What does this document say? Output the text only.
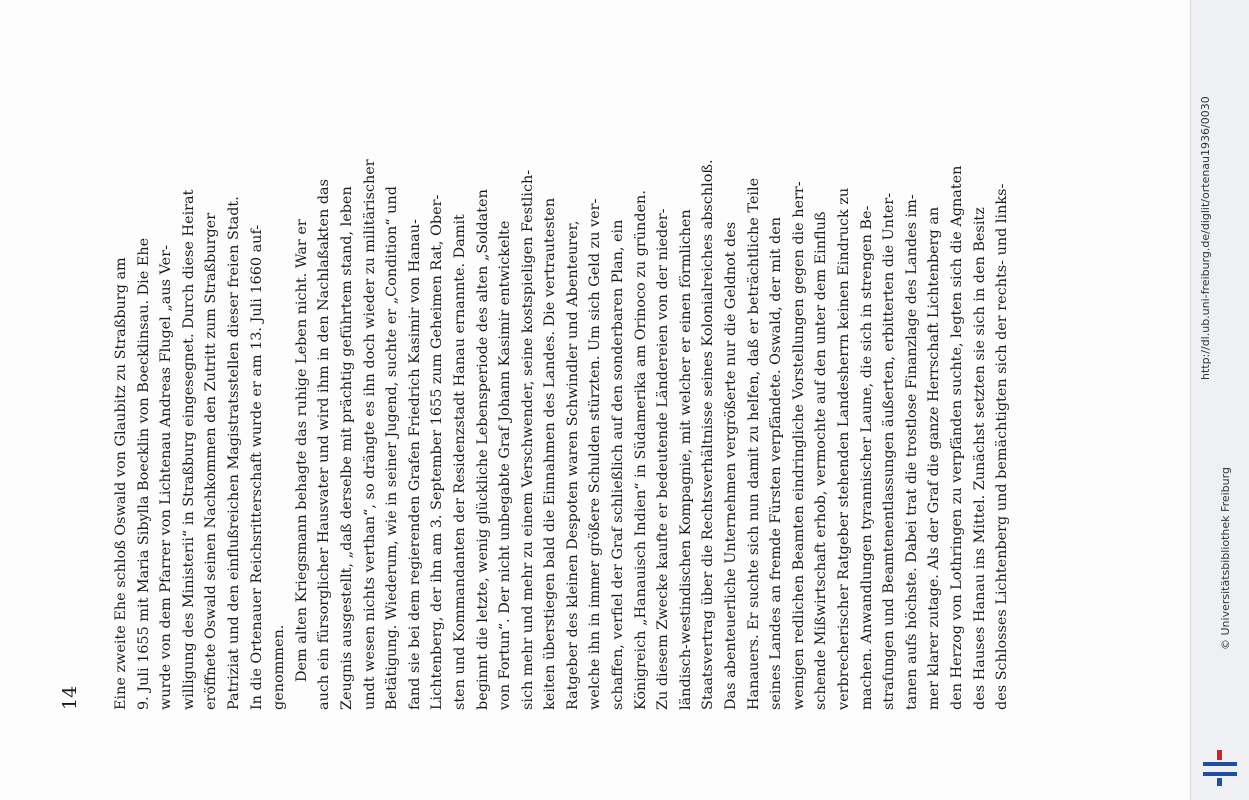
14 Eine zweite Ehe schloß Oswald von Glaubitz zu Straßburg am 9. Juli 1655 mit Maria Sibylla Boecklin von Boecklinsau. Die Ehe wurde von dem Pfarrer von Lichtenau Andreas Flugel „aus Ver- willigung des Ministerii“ in Straßburg eingesegnet. Durch diese Heirat eröffnete Oswald seinen Nachkommen den Zutritt zum Straßburger Patriziat und den einflußreichen Magistratsstellen dieser freien Stadt. In die Ortenauer Reichsritterschaft wurde er am 13. Juli 1660 auf- genommen. Dem alten Kriegsmann behagte das ruhige Leben nicht. War er auch ein fürsorglicher Hausvater und wird ihm in den Nachlaßakten das Zeugnis ausgestellt, „daß derselbe mit prächtig geführtem stand, leben undt wesen nichts verthan“, so drängte es ihn doch wieder zu militärischer Betätigung. Wiederum, wie in seiner Jugend, suchte er „Condition“ und fand sie bei dem regierenden Grafen Friedrich Kasimir von Hanau- Lichtenberg, der ihn am 3. September 1655 zum Geheimen Rat, Ober- sten und Kommandanten der Residenzstadt Hanau ernannte. Damit beginnt die letzte, wenig glückliche Lebensperiode des alten „Soldaten von Fortun“. Der nicht unbegabte Graf Johann Kasimir entwickelte sich mehr und mehr zu einem Verschwender, seine kostspieligen Festlich- keiten überstiegen bald die Einnahmen des Landes. Die vertrautesten Ratgeber des kleinen Despoten waren Schwindler und Abenteurer, welche ihn in immer größere Schulden stürzten. Um sich Geld zu ver- schaffen, verfiel der Graf schließlich auf den sonderbaren Plan, ein Königreich „Hanauisch Indien“ in Südamerika am Orinoco zu gründen. Zu diesem Zwecke kaufte er bedeutende Ländereien von der nieder- ländisch-westindischen Kompagnie, mit welcher er einen förmlichen Staatsvertrag über die Rechtsverhältnisse seines Kolonialreiches abschloß. Das abenteuerliche Unternehmen vergrößerte nur die Geldnot des Hanauers. Er suchte sich nun damit zu helfen, daß er beträchtliche Teile seines Landes an fremde Fürsten verpfändete. Oswald, der mit den wenigen redlichen Beamten eindringliche Vorstellungen gegen die herr- schende Mißwirtschaft erhob, vermochte auf den unter dem Einfluß verbrecherischer Ratgeber stehenden Landesherrn keinen Eindruck zu machen. Anwandlungen tyrannischer Laune, die sich in strengen Be- strafungen und Beamtenentlassungen äußerten, erbitterten die Unter- tanen aufs höchste. Dabei trat die trostlose Finanzlage des Landes im- mer klarer zutage. Als der Graf die ganze Herrschaft Lichtenberg an den Herzog von Lothringen zu verpfänden suchte, legten sich die Agnaten des Hauses Hanau ins Mittel. Zunächst setzten sie sich in den Besitz des Schlosses Lichtenberg und bemächtigten sich der rechts- und links-	http://dl.ub.uni-freiburg.de/diglit/ortenau1936/0030
© Universitätsbibliothek Freiburg
